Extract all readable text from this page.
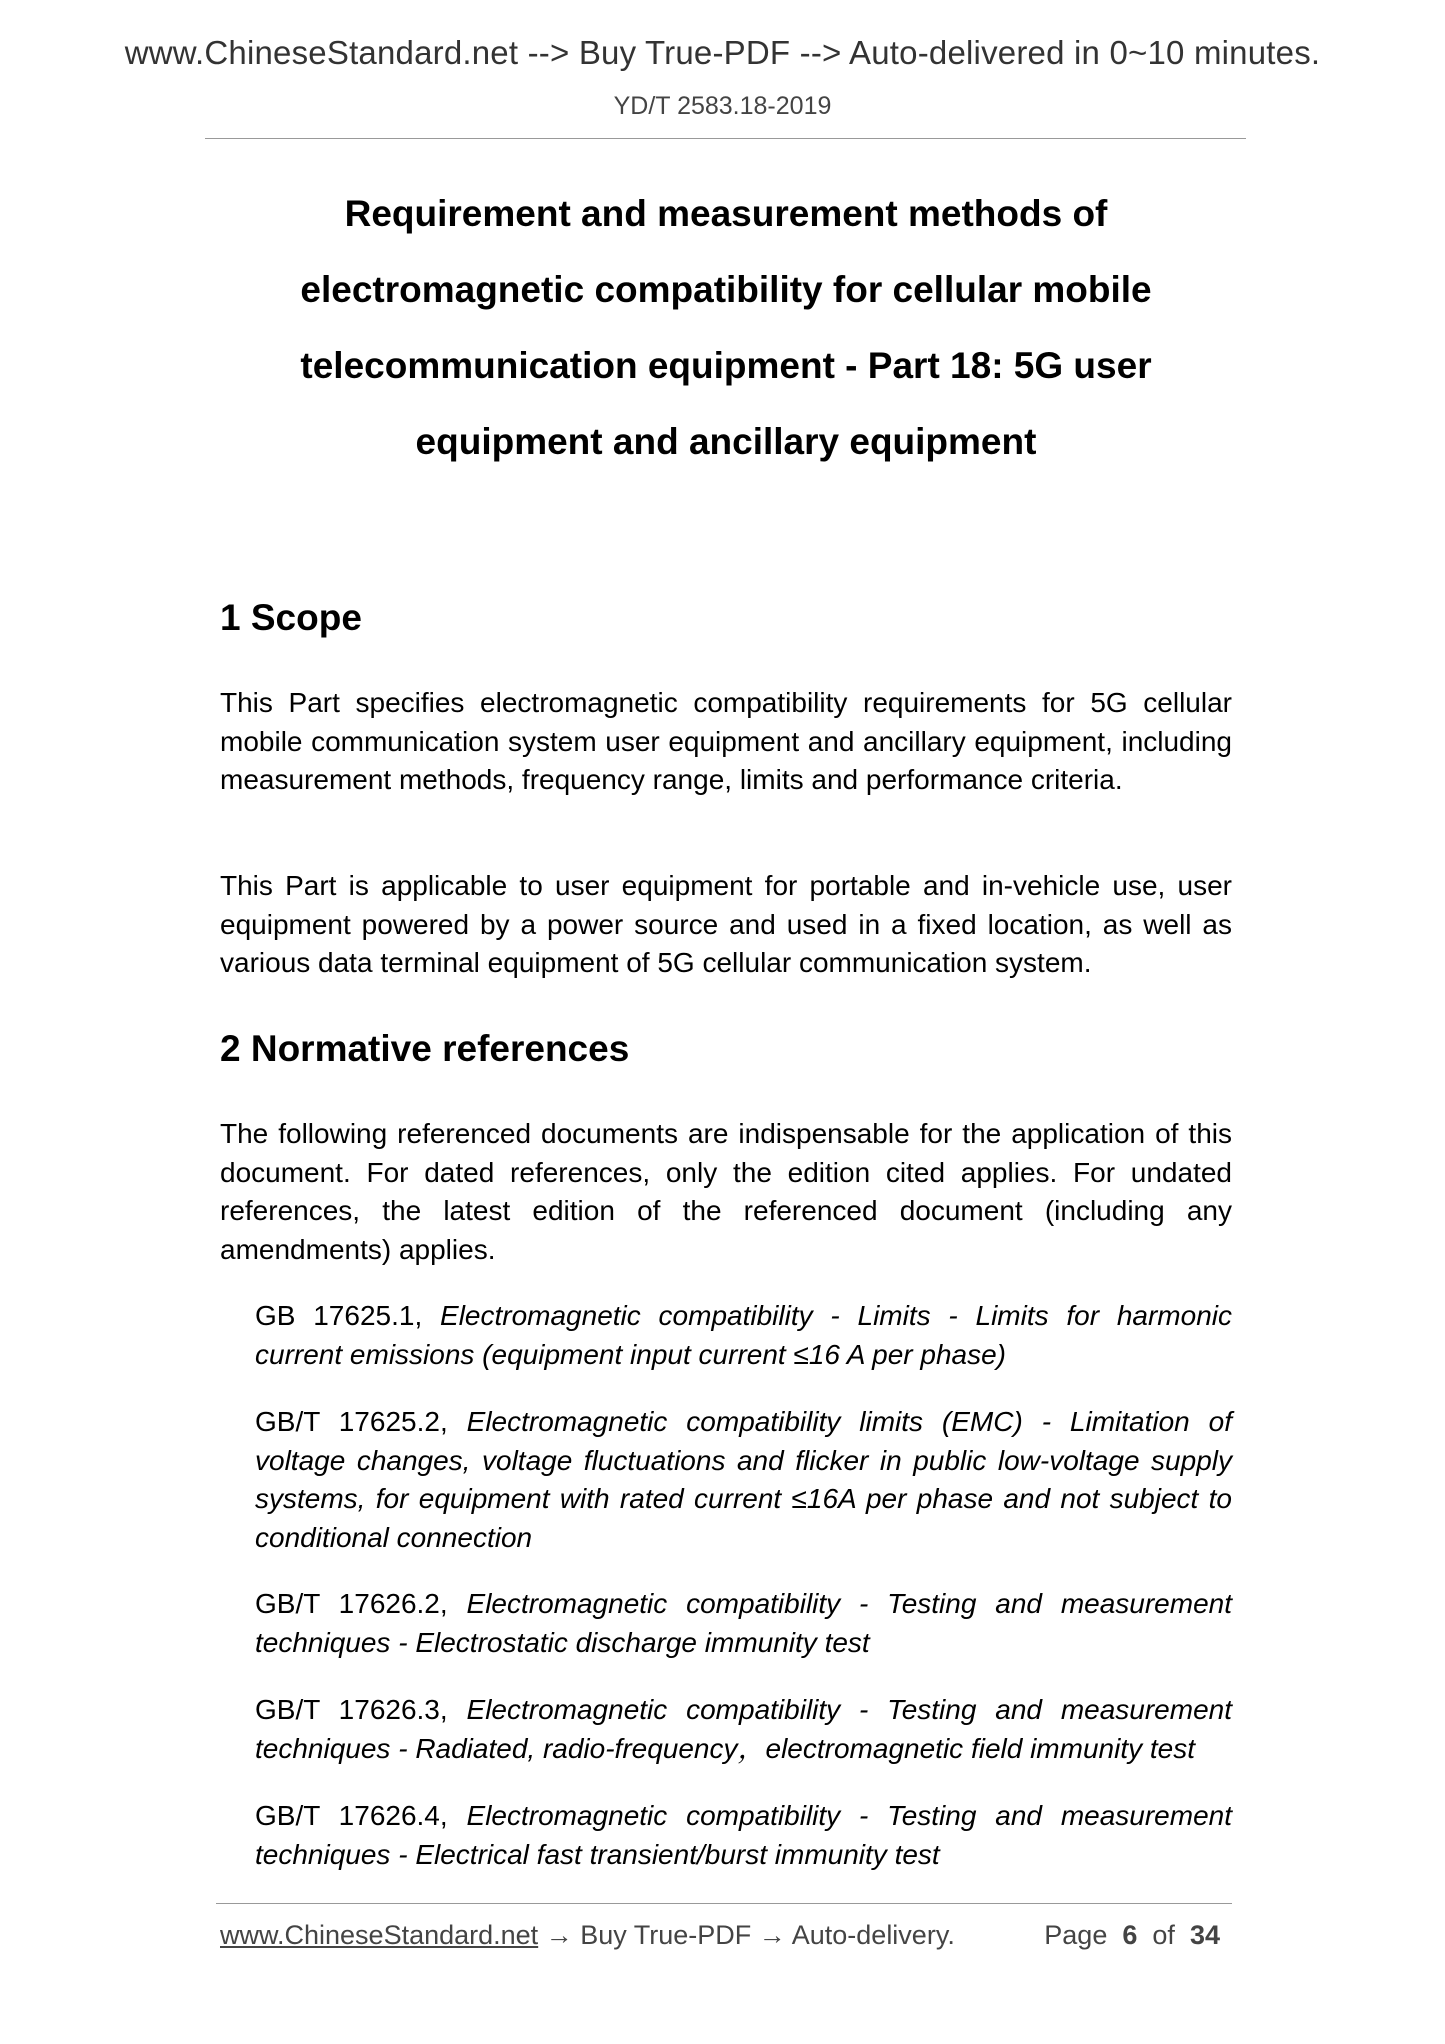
www.ChineseStandard.net --> Buy True-PDF --> Auto-delivered in 0~10 minutes.
YD/T 2583.18-2019
Requirement and measurement methods of
electromagnetic compatibility for cellular mobile
telecommunication equipment - Part 18: 5G user
equipment and ancillary equipment
1 Scope

This Part specifies electromagnetic compatibility requirements for 5G cellular mobile communication system user equipment and ancillary equipment, including measurement methods, frequency range, limits and performance criteria.

This Part is applicable to user equipment for portable and in-vehicle use, user equipment powered by a power source and used in a fixed location, as well as various data terminal equipment of 5G cellular communication system.

2 Normative references

The following referenced documents are indispensable for the application of this document. For dated references, only the edition cited applies. For undated references, the latest edition of the referenced document (including any amendments) applies.

GB 17625.1, Electromagnetic compatibility - Limits - Limits for harmonic current emissions (equipment input current ≤16 A per phase)

GB/T 17625.2, Electromagnetic compatibility limits (EMC) - Limitation of voltage changes, voltage fluctuations and flicker in public low-voltage supply systems, for equipment with rated current ≤16A per phase and not subject to conditional connection

GB/T 17626.2, Electromagnetic compatibility - Testing and measurement techniques - Electrostatic discharge immunity test

GB/T 17626.3, Electromagnetic compatibility - Testing and measurement techniques - Radiated, radio-frequency，electromagnetic field immunity test

GB/T 17626.4, Electromagnetic compatibility - Testing and measurement techniques - Electrical fast transient/burst immunity test

www.ChineseStandard.net → Buy True-PDF → Auto-delivery.	Page 6 of 34
